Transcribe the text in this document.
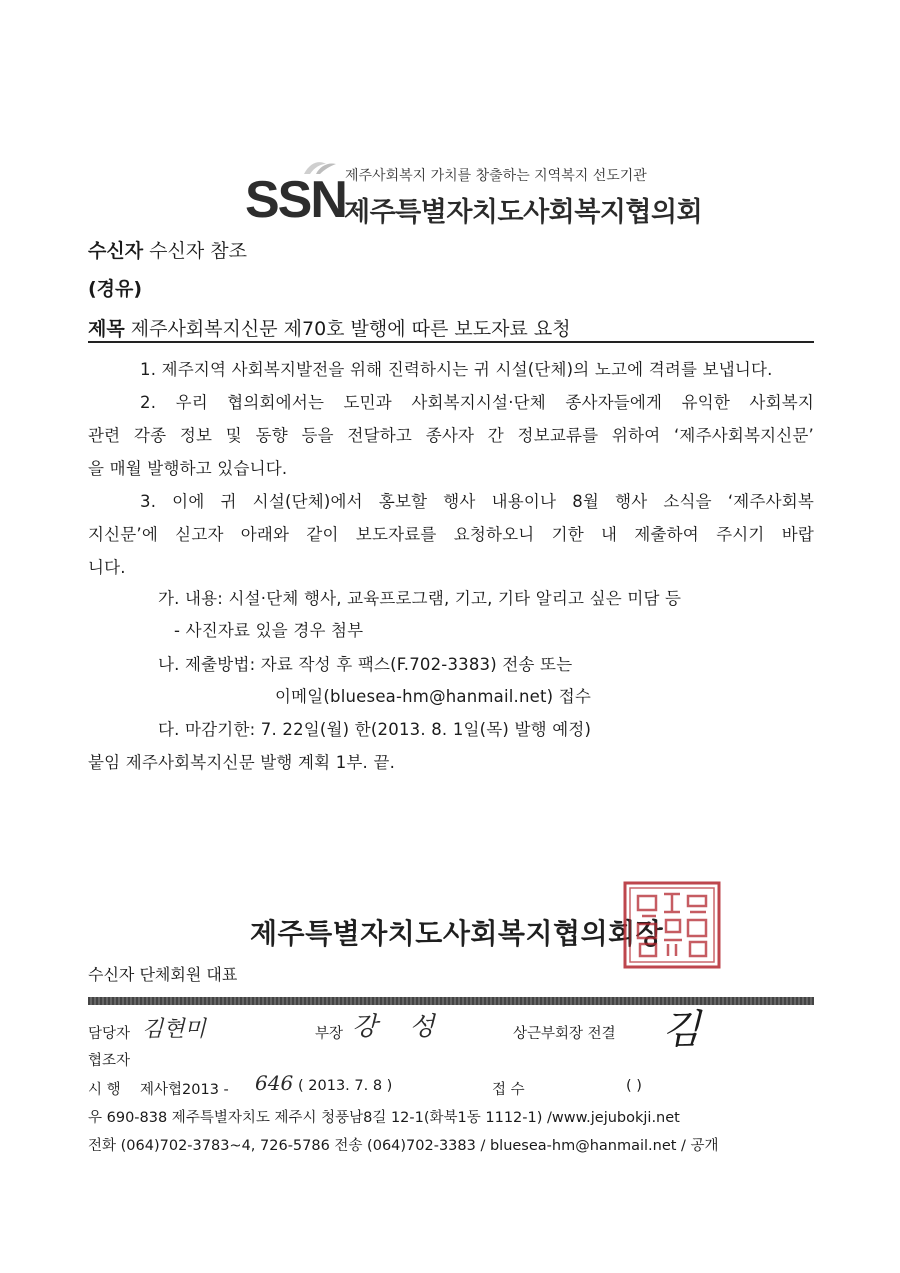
제주사회복지 가치를 창출하는 지역복지 선도기관
SSN
제주특별자치도사회복지협의회
수신자 수신자 참조
(경유)
제목 제주사회복지신문 제70호 발행에 따른 보도자료 요청
1. 제주지역 사회복지발전을 위해 진력하시는 귀 시설(단체)의 노고에 격려를 보냅니다.
2. 우리 협의회에서는 도민과 사회복지시설·단체 종사자들에게 유익한 사회복지
관련 각종 정보 및 동향 등을 전달하고 종사자 간 정보교류를 위하여 ‘제주사회복지신문’
을 매월 발행하고 있습니다.
3. 이에 귀 시설(단체)에서 홍보할 행사 내용이나 8월 행사 소식을 ‘제주사회복
지신문’에 싣고자 아래와 같이 보도자료를 요청하오니 기한 내 제출하여 주시기 바랍
니다.
가. 내용: 시설·단체 행사, 교육프로그램, 기고, 기타 알리고 싶은 미담 등
- 사진자료 있을 경우 첨부
나. 제출방법: 자료 작성 후 팩스(F.702-3383) 전송 또는
이메일(bluesea-hm@hanmail.net) 접수
다. 마감기한: 7. 22일(월) 한(2013. 8. 1일(목) 발행 예정)
붙임 제주사회복지신문 발행 계획 1부. 끝.
제주특별자치도사회복지협의회장
수신자 단체회원 대표
담당자 김현미	부장 강 성	상근부회장 전결 김
협조자
시 행 제사협2013 - 646 ( 2013. 7. 8 )	접 수	( )
우 690-838 제주특별자치도 제주시 청풍남8길 12-1(화북1동 1112-1) /www.jejubokji.net
전화 (064)702-3783~4, 726-5786 전송 (064)702-3383 / bluesea-hm@hanmail.net / 공개
